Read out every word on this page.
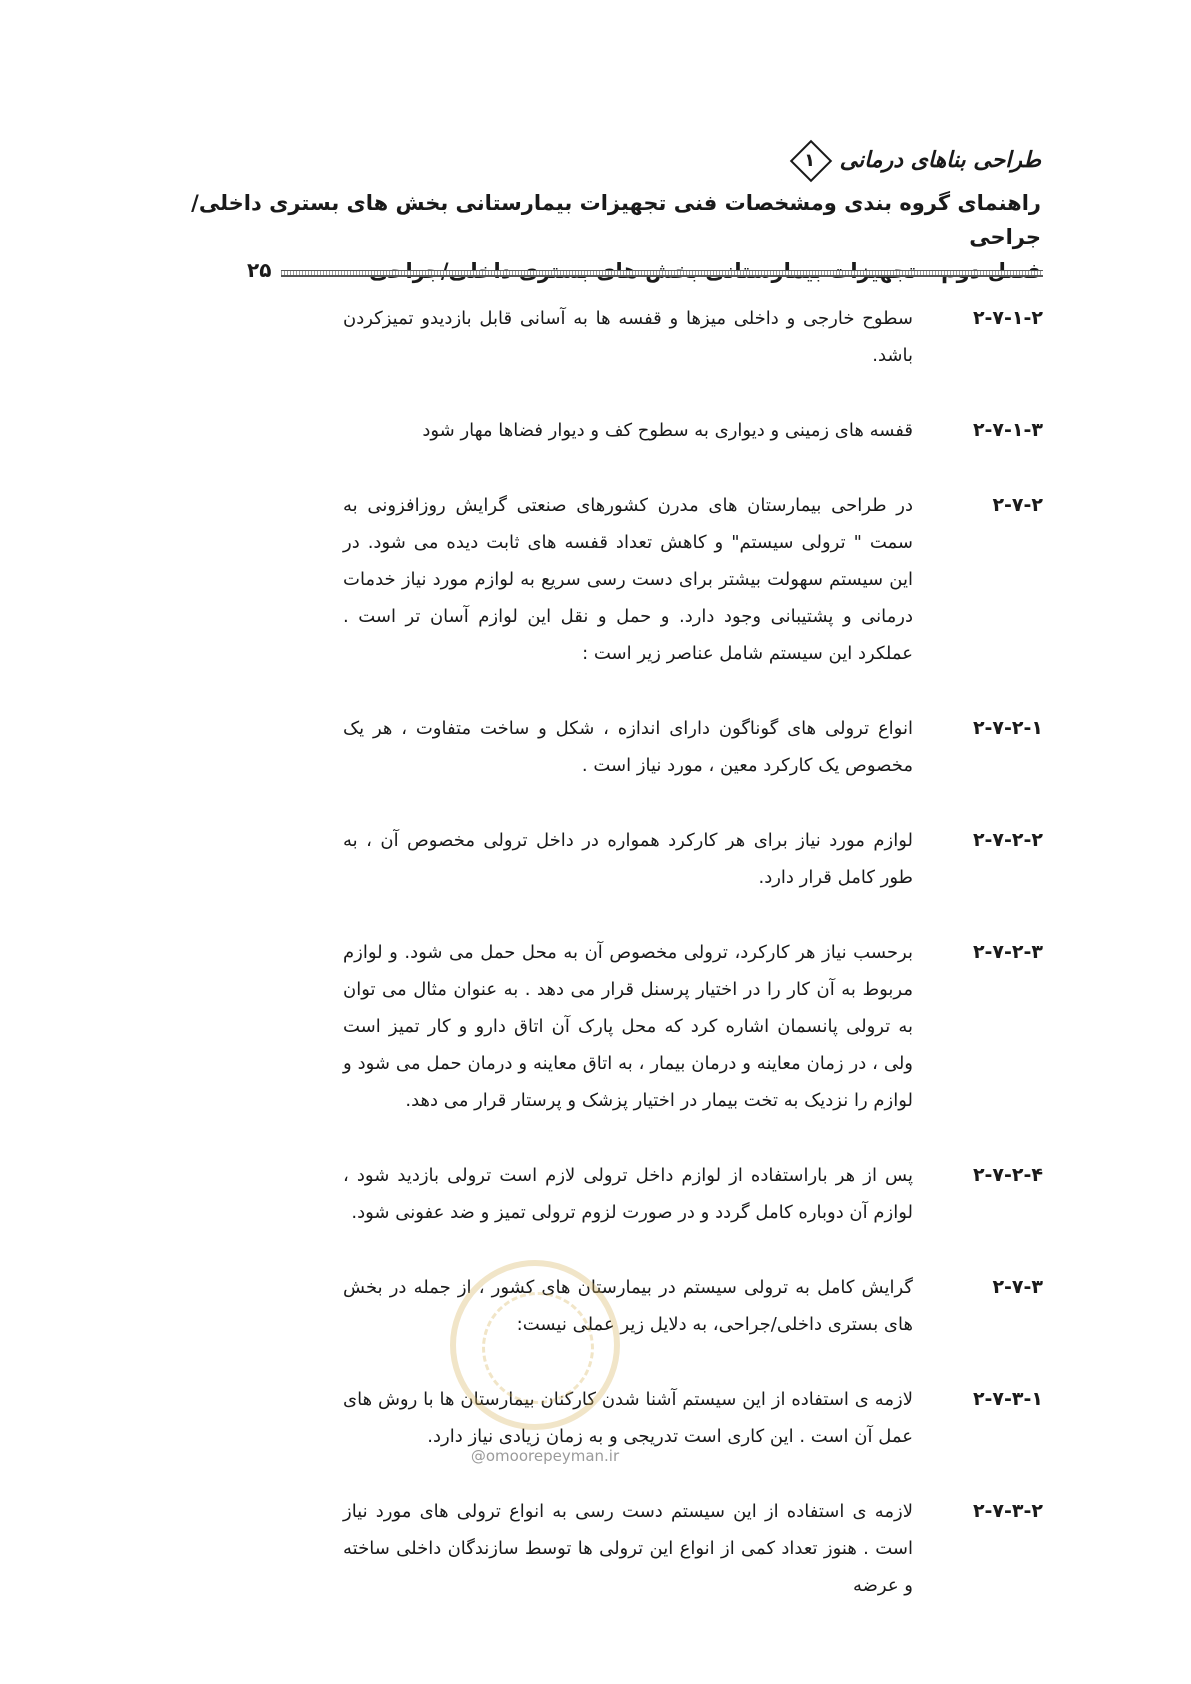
طراحی بناهای درمانی
۱
راهنمای گروه بندی ومشخصات فنی تجهیزات بیمارستانی بخش های بستری داخلی/جراحی
۲۵
۲-۷-۱-۲
سطوح خارجی و داخلی میزها و قفسه ها به آسانی قابل بازدیدو تمیزکردن باشد.
۲-۷-۱-۳
قفسه های زمینی و دیواری به سطوح کف و دیوار فضاها مهار شود
۲-۷-۲
در طراحی بیمارستان های مدرن کشورهای صنعتی گرایش روزافزونی به سمت " ترولی سیستم" و کاهش تعداد قفسه های ثابت دیده می شود. در این سیستم سهولت بیشتر برای دست رسی سریع به لوازم مورد نیاز خدمات درمانی و پشتیبانی وجود دارد. و حمل و نقل این لوازم آسان تر است . عملکرد این سیستم شامل عناصر زیر است :
۲-۷-۲-۱
انواع ترولی های گوناگون دارای اندازه ، شکل و ساخت متفاوت ، هر یک مخصوص یک کارکرد معین ، مورد نیاز است .
۲-۷-۲-۲
لوازم مورد نیاز برای هر کارکرد همواره در داخل ترولی مخصوص آن ، به طور کامل قرار دارد.
۲-۷-۲-۳
برحسب نیاز هر کارکرد، ترولی مخصوص آن به محل حمل می شود. و لوازم مربوط به آن کار را در اختیار پرسنل قرار می دهد . به عنوان مثال می توان به ترولی پانسمان اشاره کرد که محل پارک آن اتاق دارو و کار تمیز است ولی ، در زمان معاینه و درمان بیمار ، به اتاق معاینه و درمان حمل می شود و لوازم را نزدیک به تخت بیمار در اختیار پزشک و پرستار قرار می دهد.
۲-۷-۲-۴
پس از هر باراستفاده از لوازم داخل ترولی لازم است ترولی بازدید شود ، لوازم آن دوباره کامل گردد و در صورت لزوم ترولی تمیز و ضد عفونی شود.
۲-۷-۳
گرایش کامل به ترولی سیستم در بیمارستان های کشور ، از جمله در بخش های بستری داخلی/جراحی، به دلایل زیر عملی نیست:
۲-۷-۳-۱
لازمه ی استفاده از این سیستم آشنا شدن کارکنان بیمارستان ها با روش های عمل آن است . این کاری است تدریجی و به زمان زیادی نیاز دارد.
۲-۷-۳-۲
لازمه ی استفاده از این سیستم دست رسی به انواع ترولی های مورد نیاز است . هنوز تعداد کمی از انواع این ترولی ها توسط سازندگان داخلی ساخته و عرضه
@omoorepeyman.ir
